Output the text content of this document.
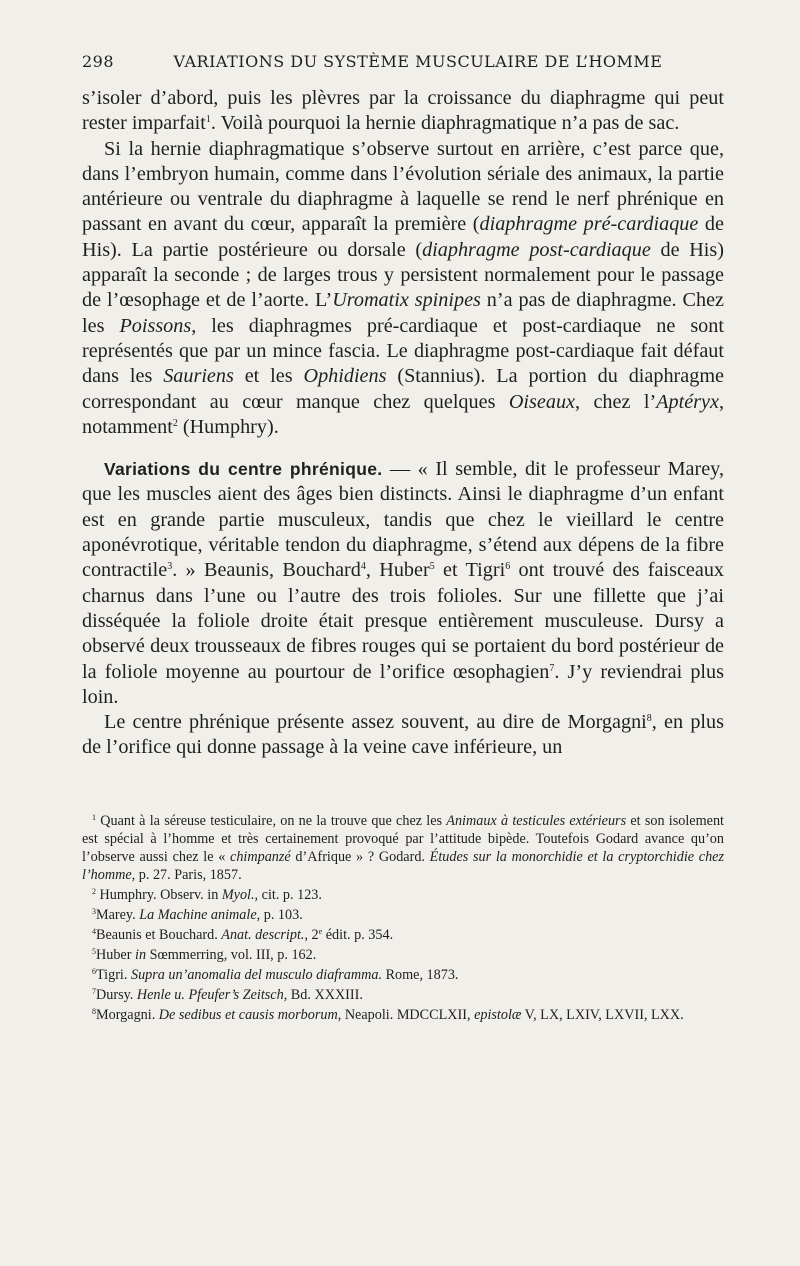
298	VARIATIONS DU SYSTÈME MUSCULAIRE DE L’HOMME

s’isoler d’abord, puis les plèvres par la croissance du diaphragme qui peut rester imparfait$^1$. Voilà pourquoi la hernie diaphragmatique n’a pas de sac.

Si la hernie diaphragmatique s’observe surtout en arrière, c’est parce que, dans l’embryon humain, comme dans l’évolution sériale des animaux, la partie antérieure ou ventrale du diaphragme à laquelle se rend le nerf phrénique en passant en avant du cœur, apparaît la première (diaphragme pré-cardiaque de His). La partie postérieure ou dorsale (diaphragme post-cardiaque de His) apparaît la seconde ; de larges trous y persistent normalement pour le passage de l’œsophage et de l’aorte. L’Uromatix spinipes n’a pas de diaphragme. Chez les Poissons, les diaphragmes pré-cardiaque et post-cardiaque ne sont représentés que par un mince fascia. Le diaphragme post-cardiaque fait défaut dans les Sauriens et les Ophidiens (Stannius). La portion du diaphragme correspondant au cœur manque chez quelques Oiseaux, chez l’Aptéryx, notamment$^2$ (Humphry).

Variations du centre phrénique. — « Il semble, dit le professeur Marey, que les muscles aient des âges bien distincts. Ainsi le diaphragme d’un enfant est en grande partie musculeux, tandis que chez le vieillard le centre aponévrotique, véritable tendon du diaphragme, s’étend aux dépens de la fibre contractile$^3$. » Beaunis, Bouchard$^4$, Huber$^5$ et Tigri$^6$ ont trouvé des faisceaux charnus dans l’une ou l’autre des trois folioles. Sur une fillette que j’ai disséquée la foliole droite était presque entièrement musculeuse. Dursy a observé deux trousseaux de fibres rouges qui se portaient du bord postérieur de la foliole moyenne au pourtour de l’orifice œsophagien$^7$. J’y reviendrai plus loin.

Le centre phrénique présente assez souvent, au dire de Morgagni$^8$, en plus de l’orifice qui donne passage à la veine cave inférieure, un

$^1$ Quant à la séreuse testiculaire, on ne la trouve que chez les Animaux à testicules extérieurs et son isolement est spécial à l’homme et très certainement provoqué par l’attitude bipède. Toutefois Godard avance qu’on l’observe aussi chez le « chimpanzé d’Afrique » ? Godard. Études sur la monorchidie et la cryptorchidie chez l’homme, p. 27. Paris, 1857.

$^2$ Humphry. Observ. in Myol., cit. p. 123.

$^3$Marey. La Machine animale, p. 103.

$^4$Beaunis et Bouchard. Anat. descript., 2e édit. p. 354.

$^5$Huber in Sœmmerring, vol. III, p. 162.

$^6$Tigri. Supra un’anomalia del musculo diaframma. Rome, 1873.

$^7$Dursy. Henle u. Pfeufer’s Zeitsch, Bd. XXXIII.

$^8$Morgagni. De sedibus et causis morborum, Neapoli. MDCCLXII, epistolæ V, LX, LXIV, LXVII, LXX.
